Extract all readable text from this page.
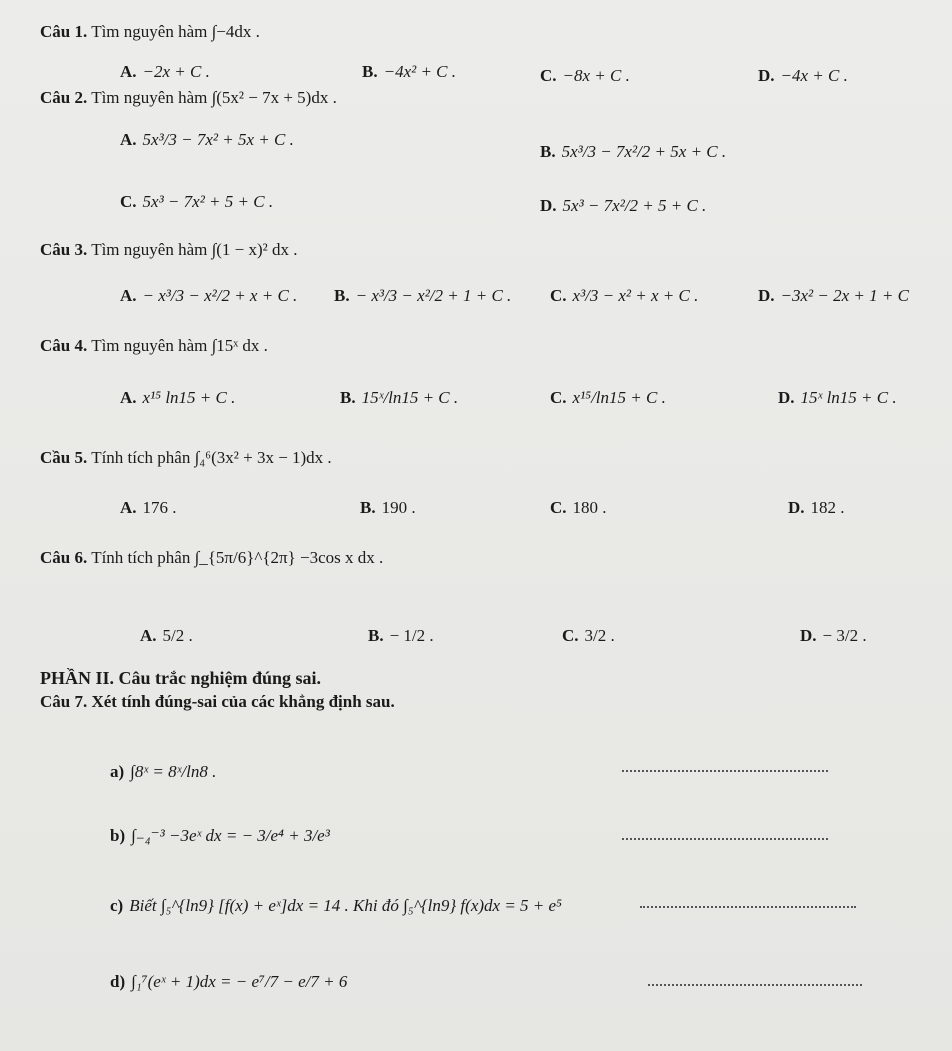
Câu 1. Tìm nguyên hàm ∫−4dx .
A. −2x + C .	B. −4x² + C .	C. −8x + C .	D. −4x + C .
Câu 2. Tìm nguyên hàm ∫(5x² − 7x + 5)dx .
A. 5x³/3 − 7x² + 5x + C .
B. 5x³/3 − 7x²/2 + 5x + C .
C. 5x³ − 7x² + 5 + C .	D. 5x³ − 7x²/2 + 5 + C .
Câu 3. Tìm nguyên hàm ∫(1 − x)² dx .
A. − x³/3 − x²/2 + x + C . B. − x³/3 − x²/2 + 1 + C . C. x³/3 − x² + x + C .	D. −3x² − 2x + 1 + C
Câu 4. Tìm nguyên hàm ∫15ˣ dx .
A. x¹⁵ ln15 + C .	B. 15ˣ/ln15 + C .	C. x¹⁵/ln15 + C .	D. 15ˣ ln15 + C .
Cầu 5. Tính tích phân ∫₄⁶(3x² + 3x − 1)dx .
A. 176 .	B. 190 .	C. 180 .	D. 182 .
Câu 6. Tính tích phân ∫_{5π/6}^{2π} −3cos x dx .
A. 5/2 .	B. − 1/2 .	C. 3/2 .	D. − 3/2 .
PHẦN II. Câu trắc nghiệm đúng sai.
Câu 7. Xét tính đúng-sai của các khẳng định sau.
a) ∫8ˣ = 8ˣ/ln8 .
b) ∫₋₄⁻³ −3eˣ dx = − 3/e⁴ + 3/e³
c) Biết ∫₅^{ln9} [f(x) + eˣ]dx = 14 . Khi đó ∫₅^{ln9} f(x)dx = 5 + e⁵
d) ∫₁⁷(eˣ + 1)dx = − e⁷/7 − e/7 + 6
